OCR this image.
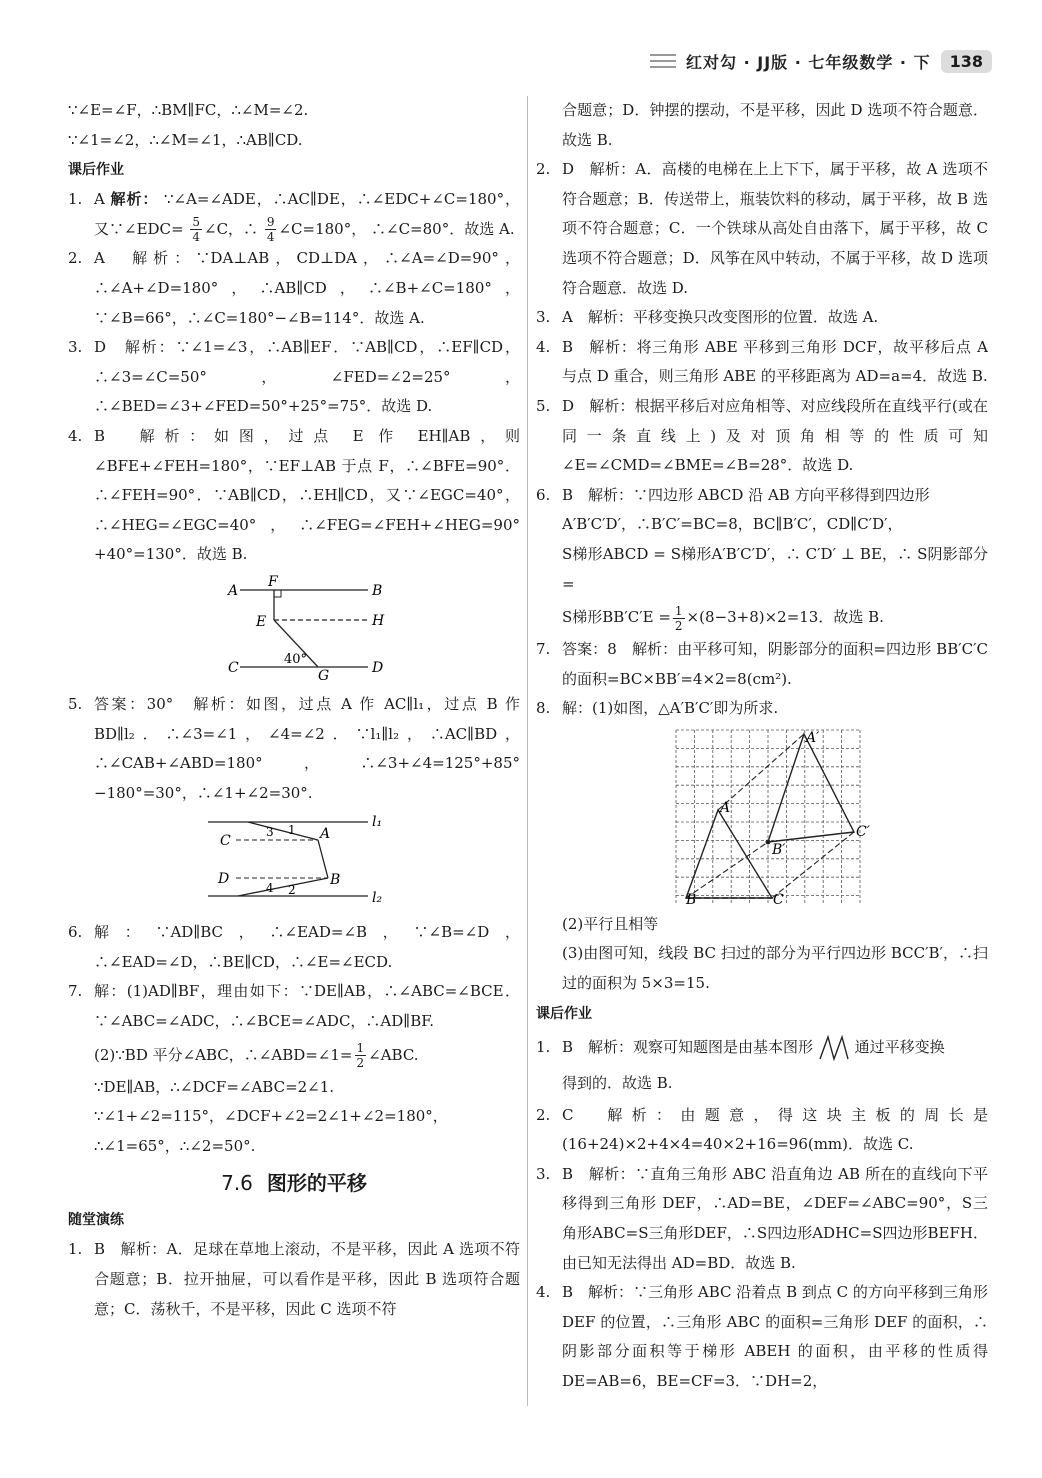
红对勾 · JJ版 · 七年级数学 · 下	138
∵∠E=∠F，∴BM∥FC，∴∠M=∠2.
∵∠1=∠2，∴∠M=∠1，∴AB∥CD.
课后作业
1. A 解析： ∵∠A=∠ADE，∴AC∥DE，∴∠EDC+∠C=180°，又∵∠EDC= $\frac{5}{4}$ ∠C，∴ $\frac{9}{4}$ ∠C=180°， ∴∠C=80°．故选 A.
2. A　解析：∵DA⊥AB，CD⊥DA，∴∠A=∠D=90°，∴∠A+∠D=180°，∴AB∥CD，∴∠B+∠C=180°，∵∠B=66°，∴∠C=180°−∠B=114°．故选 A.
3. D　解析：∵∠1=∠3，∴AB∥EF．∵AB∥CD，∴EF∥CD，∴∠3=∠C=50°，∠FED=∠2=25°，∴∠BED=∠3+∠FED=50°+25°=75°．故选 D.
4. B　解析：如图，过点 E 作 EH∥AB，则∠BFE+∠FEH=180°，∵EF⊥AB 于点 F，∴∠BFE=90°．∴∠FEH=90°．∵AB∥CD，∴EH∥CD，又∵∠EGC=40°，∴∠HEG=∠EGC=40°，∴∠FEG=∠FEH+∠HEG=90°+40°=130°．故选 B.
A
F
B
E	H
C	G	D
40°
5. 答案：30°　解析：如图，过点 A 作 AC∥l₁，过点 B 作 BD∥l₂．∴∠3=∠1，∠4=∠2．∵l₁∥l₂，∴AC∥BD，∴∠CAB+∠ABD=180°，∴∠3+∠4=125°+85°−180°=30°，∴∠1+∠2=30°.
l₁
l₂
C	A
D	B
1
2
3
4
6. 解：∵AD∥BC，∴∠EAD=∠B，∵∠B=∠D，∴∠EAD=∠D，∴BE∥CD，∴∠E=∠ECD.
7. 解：(1)AD∥BF，理由如下：∵DE∥AB，∴∠ABC=∠BCE．∵∠ABC=∠ADC，∴∠BCE=∠ADC，∴AD∥BF.
(2)∵BD 平分∠ABC，∴∠ABD=∠1= $\frac{1}{2}$ ∠ABC.
∵DE∥AB，∴∠DCF=∠ABC=2∠1.
∵∠1+∠2=115°，∠DCF+∠2=2∠1+∠2=180°，
∴∠1=65°，∴∠2=50°.
7.6 图形的平移
随堂演练
1. B　解析：A．足球在草地上滚动，不是平移，因此 A 选项不符合题意；B．拉开抽屉，可以看作是平移，因此 B 选项符合题意；C．荡秋千，不是平移，因此 C 选项不符
合题意；D．钟摆的摆动，不是平移，因此 D 选项不符合题意．故选 B.
2. D　解析：A．高楼的电梯在上上下下，属于平移，故 A 选项不符合题意；B．传送带上，瓶装饮料的移动，属于平移，故 B 选项不符合题意；C．一个铁球从高处自由落下，属于平移，故 C 选项不符合题意；D．风筝在风中转动，不属于平移，故 D 选项符合题意．故选 D.
3. A　解析：平移变换只改变图形的位置．故选 A.
4. B　解析：将三角形 ABE 平移到三角形 DCF，故平移后点 A 与点 D 重合，则三角形 ABE 的平移距离为 AD=a=4．故选 B.
5. D　解析：根据平移后对应角相等、对应线段所在直线平行(或在同一条直线上)及对顶角相等的性质可知∠E=∠CMD=∠BME=∠B=28°．故选 D.
6. B　解析：∵四边形 ABCD 沿 AB 方向平移得到四边形
A′B′C′D′，∴B′C′=BC=8，BC∥B′C′，CD∥C′D′，
S梯形ABCD = S梯形A′B′C′D′，∴ C′D′ ⊥ BE，∴ S阴影部分 =
S梯形$BB'C'E = \frac{1}{2} \times(8-3+8)\times 2=13$．故选 B.
7. 答案：8　解析：由平移可知，阴影部分的面积=四边形 BB′C′C 的面积=BC×BB′=4×2=8(cm²).
8. 解：(1)如图，△A′B′C′即为所求.
A
B	C
A′
B′
C′
(2)平行且相等
(3)由图可知，线段 BC 扫过的部分为平行四边形 BCC′B′，∴扫过的面积为 5×3=15.
课后作业
1. B　解析：观察可知题图是由基本图形	通过平移变换
得到的．故选 B.
2. C　解析：由题意，得这块主板的周长是(16+24)×2+4×4=40×2+16=96(mm)．故选 C.
3. B　解析：∵直角三角形 ABC 沿直角边 AB 所在的直线向下平移得到三角形 DEF，∴AD=BE，∠DEF=∠ABC=90°，S三角形ABC=S三角形DEF，∴S四边形ADHC=S四边形BEFH．由已知无法得出 AD=BD．故选 B.
4. B　解析：∵三角形 ABC 沿着点 B 到点 C 的方向平移到三角形 DEF 的位置，∴三角形 ABC 的面积=三角形 DEF 的面积，∴阴影部分面积等于梯形 ABEH 的面积，由平移的性质得 DE=AB=6，BE=CF=3．∵DH=2，
